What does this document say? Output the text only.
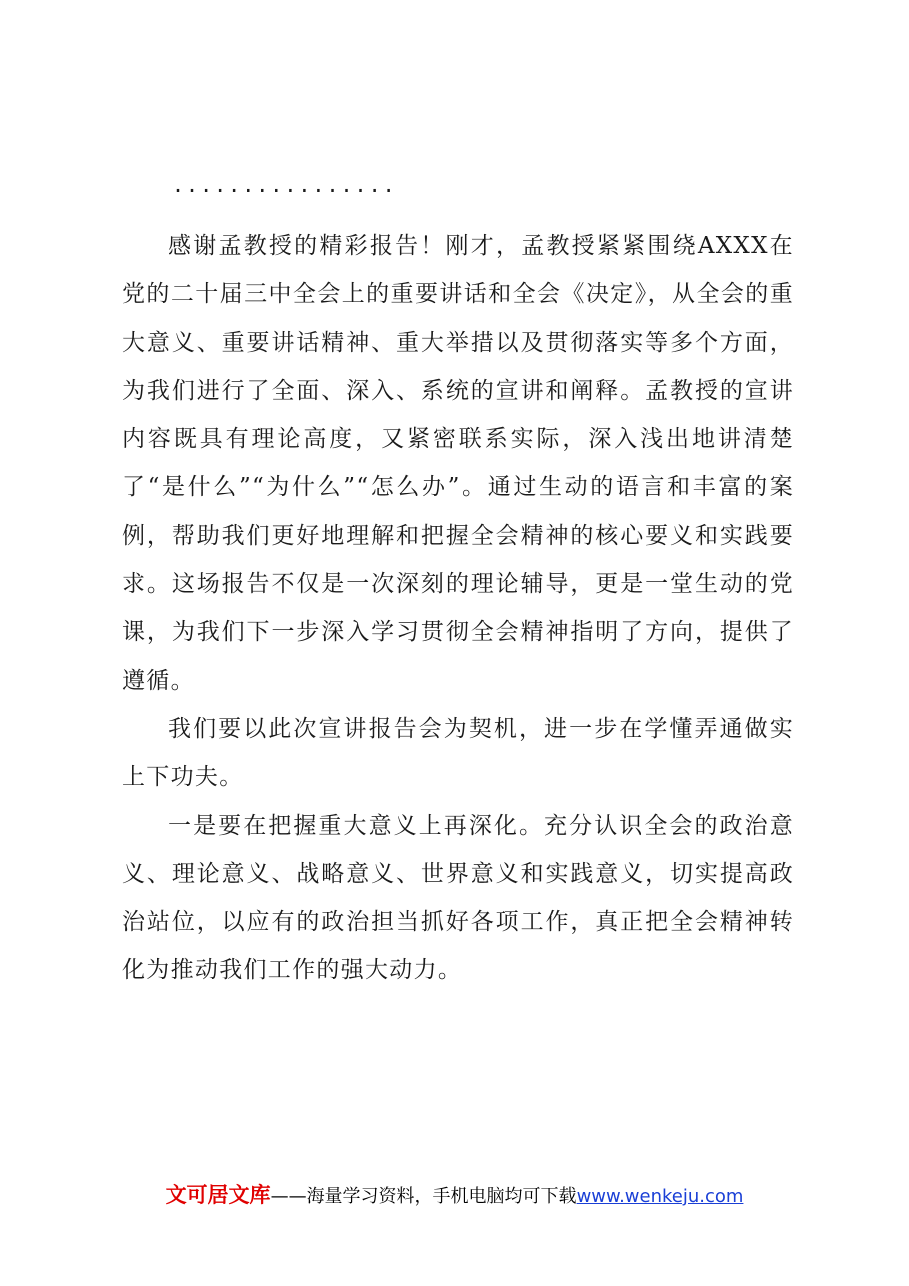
................

感谢孟教授的精彩报告！刚才，孟教授紧紧围绕AXXX在党的二十届三中全会上的重要讲话和全会《决定》，从全会的重大意义、重要讲话精神、重大举措以及贯彻落实等多个方面，为我们进行了全面、深入、系统的宣讲和阐释。孟教授的宣讲内容既具有理论高度，又紧密联系实际，深入浅出地讲清楚了“是什么”“为什么”“怎么办”。通过生动的语言和丰富的案例，帮助我们更好地理解和把握全会精神的核心要义和实践要求。这场报告不仅是一次深刻的理论辅导，更是一堂生动的党课，为我们下一步深入学习贯彻全会精神指明了方向，提供了遵循。

我们要以此次宣讲报告会为契机，进一步在学懂弄通做实上下功夫。

一是要在把握重大意义上再深化。充分认识全会的政治意义、理论意义、战略意义、世界意义和实践意义，切实提高政治站位，以应有的政治担当抓好各项工作，真正把全会精神转化为推动我们工作的强大动力。

文可居文库——海量学习资料，手机电脑均可下载www.wenkeju.com
